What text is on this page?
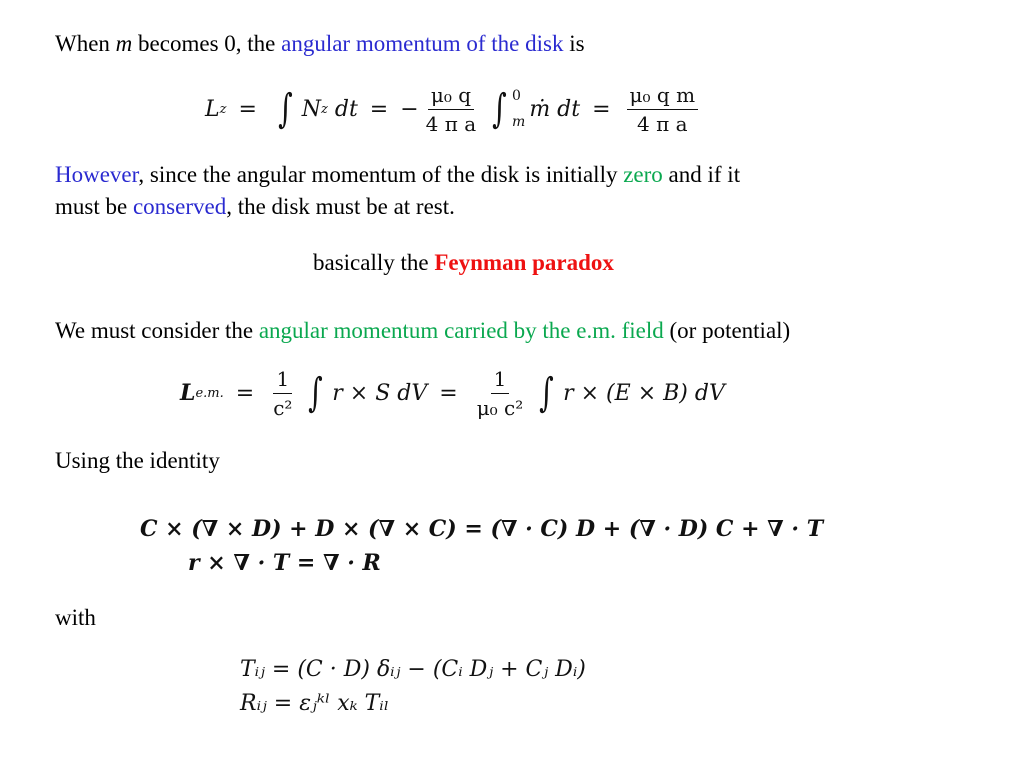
When m becomes 0, the angular momentum of the disk is
L z = ∫ N z
dt = − $\frac{\text{μ₀ q}}{\text{4 π a}}$ ∫ 0
m
ṁ dt = $\frac{\text{μ₀ q m}}{\text{4 π a}}$
However, since the angular momentum of the disk is initially zero and if it
must be conserved, the disk must be at rest.
basically the Feynman paradox
We must consider the angular momentum carried by the e.m. field (or potential)
L e.m. = $\frac{1}{\text{c²}}$ ∫ r × S dV = $\frac{1}{\text{μ₀ c²}}$ ∫ r × (E × B) dV
Using the identity
C × (∇ × D) + D × (∇ × C) = (∇ · C) D + (∇ · D) C + ∇ · T
r × ∇ · T = ∇ · R
with
Tᵢⱼ = (C · D) δᵢⱼ − (Cᵢ Dⱼ + Cⱼ Dᵢ)
Rᵢⱼ = εⱼᵏˡ xₖ Tᵢₗ
